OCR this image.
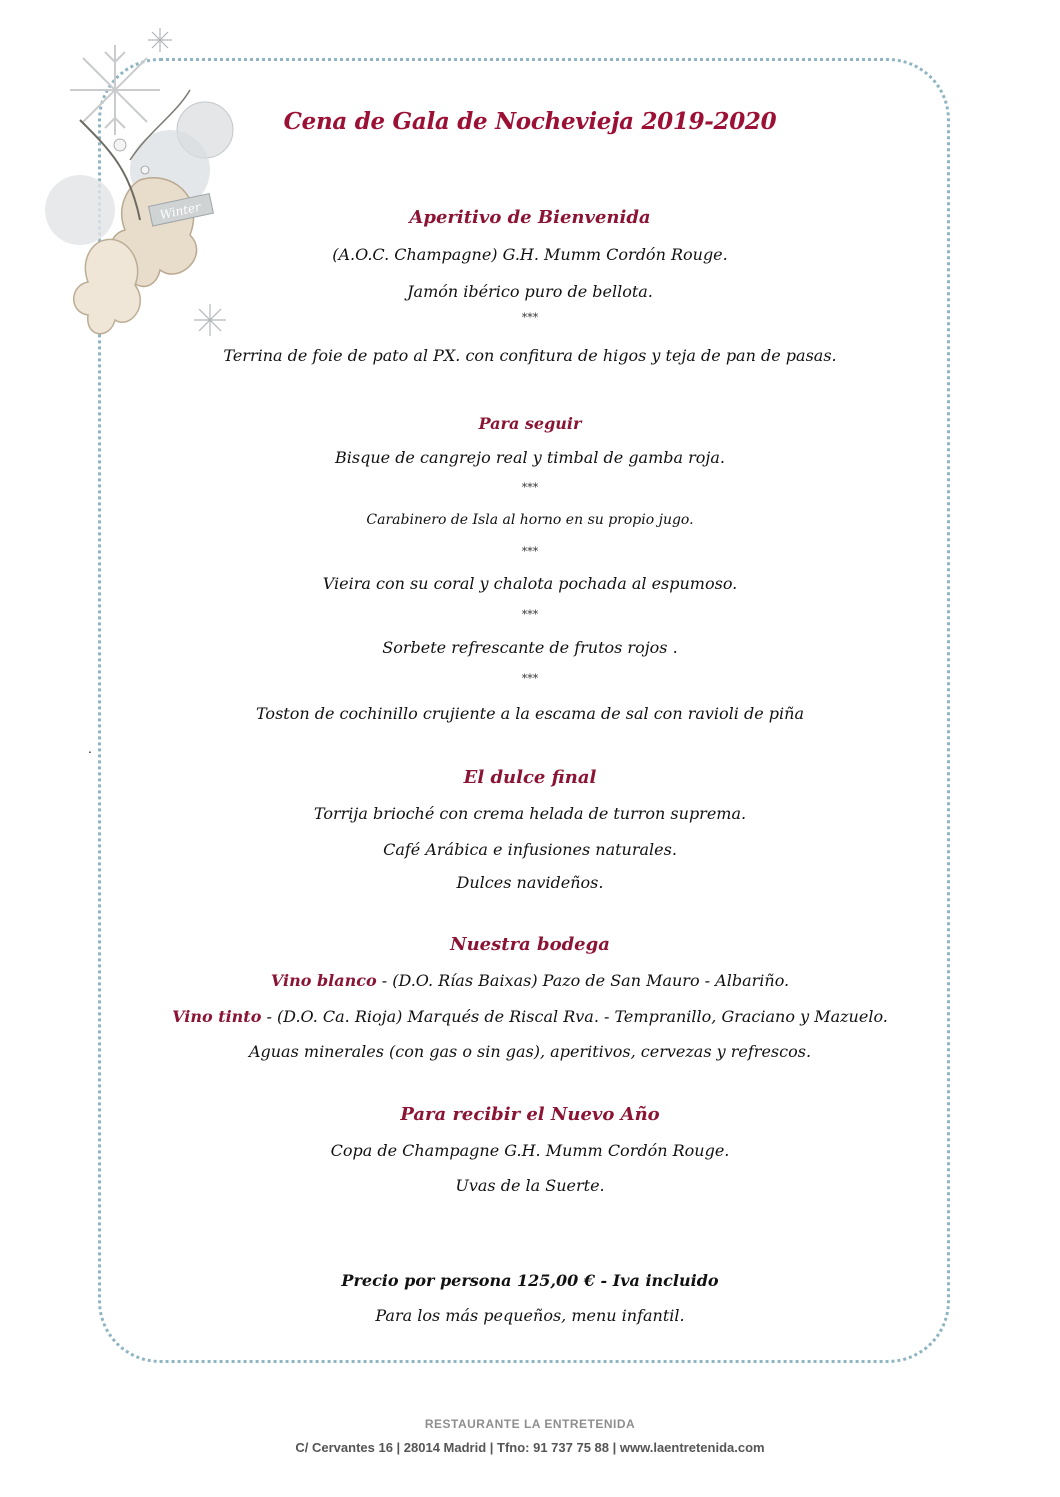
Winter
Cena de Gala de Nochevieja 2019-2020
Aperitivo de Bienvenida
(A.O.C. Champagne) G.H. Mumm Cordón Rouge.
Jamón ibérico puro de bellota.
***
Terrina de foie de pato al PX. con confitura de higos y teja de pan de pasas.
Para seguir
Bisque de cangrejo real y timbal de gamba roja.
***
Carabinero de Isla al horno en su propio jugo.
***
Vieira con su coral y chalota pochada al espumoso.
***
Sorbete refrescante de frutos rojos .
***
Toston de cochinillo crujiente a la escama de sal con ravioli de piña
El dulce final
Torrija brioché con crema helada de turron suprema.
Café Arábica e infusiones naturales.
Dulces navideños.
Nuestra bodega
Vino blanco - (D.O. Rías Baixas) Pazo de San Mauro - Albariño.
Vino tinto - (D.O. Ca. Rioja) Marqués de Riscal Rva. - Tempranillo, Graciano y Mazuelo.
Aguas minerales (con gas o sin gas), aperitivos, cervezas y refrescos.
Para recibir el Nuevo Año
Copa de Champagne G.H. Mumm Cordón Rouge.
Uvas de la Suerte.
Precio por persona 125,00 € - Iva incluido
Para los más pequeños, menu infantil.
.
RESTAURANTE LA ENTRETENIDA
C/ Cervantes 16 | 28014 Madrid | Tfno: 91 737 75 88 | www.laentretenida.com
